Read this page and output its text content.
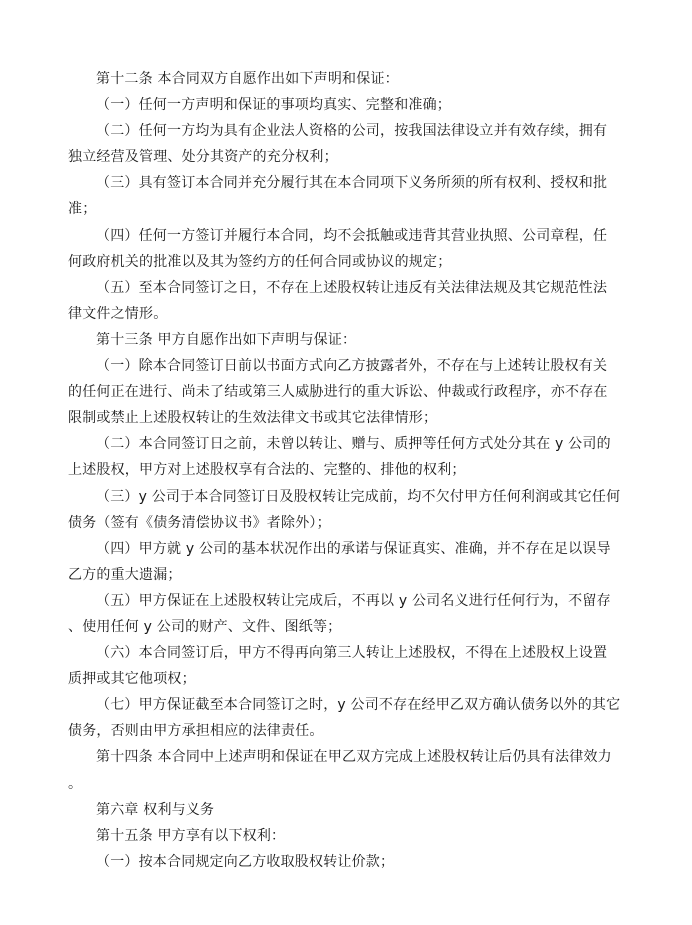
第十二条 本合同双方自愿作出如下声明和保证：

（一）任何一方声明和保证的事项均真实、完整和准确；

（二）任何一方均为具有企业法人资格的公司，按我国法律设立并有效存续，拥有
独立经营及管理、处分其资产的充分权利；

（三）具有签订本合同并充分履行其在本合同项下义务所须的所有权利、授权和批
准；

（四）任何一方签订并履行本合同，均不会抵触或违背其营业执照、公司章程，任
何政府机关的批准以及其为签约方的任何合同或协议的规定；

（五）至本合同签订之日，不存在上述股权转让违反有关法律法规及其它规范性法
律文件之情形。

第十三条 甲方自愿作出如下声明与保证：

（一）除本合同签订日前以书面方式向乙方披露者外，不存在与上述转让股权有关
的任何正在进行、尚未了结或第三人威胁进行的重大诉讼、仲裁或行政程序，亦不存在
限制或禁止上述股权转让的生效法律文书或其它法律情形；

（二）本合同签订日之前，未曾以转让、赠与、质押等任何方式处分其在 y 公司的
上述股权，甲方对上述股权享有合法的、完整的、排他的权利；

（三）y 公司于本合同签订日及股权转让完成前，均不欠付甲方任何利润或其它任何
债务（签有《债务清偿协议书》者除外）；

（四）甲方就 y 公司的基本状况作出的承诺与保证真实、准确，并不存在足以误导
乙方的重大遗漏；

（五）甲方保证在上述股权转让完成后，不再以 y 公司名义进行任何行为，不留存
、使用任何 y 公司的财产、文件、图纸等；

（六）本合同签订后，甲方不得再向第三人转让上述股权，不得在上述股权上设置
质押或其它他项权；

（七）甲方保证截至本合同签订之时，y 公司不存在经甲乙双方确认债务以外的其它
债务，否则由甲方承担相应的法律责任。

第十四条 本合同中上述声明和保证在甲乙双方完成上述股权转让后仍具有法律效力
。

第六章 权利与义务

第十五条 甲方享有以下权利：

（一）按本合同规定向乙方收取股权转让价款；
